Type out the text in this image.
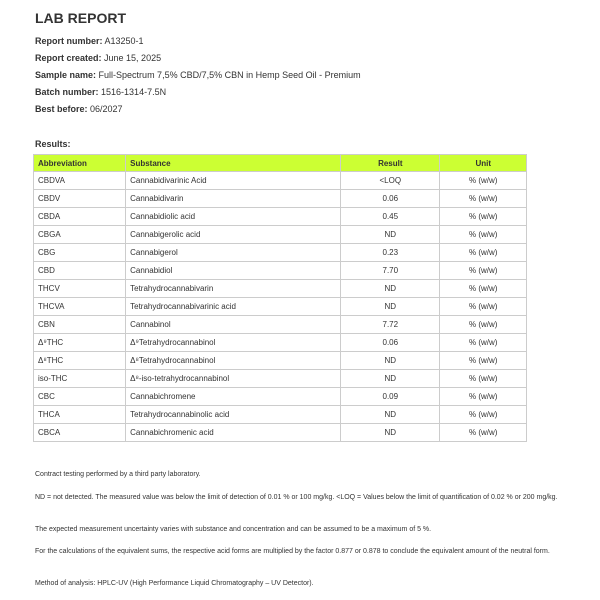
LAB REPORT
Report number: A13250-1
Report created: June 15, 2025
Sample name: Full-Spectrum 7,5% CBD/7,5% CBN in Hemp Seed Oil - Premium
Batch number: 1516-1314-7.5N
Best before: 06/2027
Results:
Abbreviation	Substance	Result	Unit
CBDVA	Cannabidivarinic Acid	<LOQ	% (w/w)
CBDV	Cannabidivarin	0.06	% (w/w)
CBDA	Cannabidiolic acid	0.45	% (w/w)
CBGA	Cannabigerolic acid	ND	% (w/w)
CBG	Cannabigerol	0.23	% (w/w)
CBD	Cannabidiol	7.70	% (w/w)
THCV	Tetrahydrocannabivarin	ND	% (w/w)
THCVA	Tetrahydrocannabivarinic acid	ND	% (w/w)
CBN	Cannabinol	7.72	% (w/w)
Δ⁹THC	Δ⁹Tetrahydrocannabinol	0.06	% (w/w)
Δ⁸THC	Δ⁸Tetrahydrocannabinol	ND	% (w/w)
iso-THC	Δ⁸-iso-tetrahydrocannabinol	ND	% (w/w)
CBC	Cannabichromene	0.09	% (w/w)
THCA	Tetrahydrocannabinolic acid	ND	% (w/w)
CBCA	Cannabichromenic acid	ND	% (w/w)
Contract testing performed by a third party laboratory.
ND = not detected. The measured value was below the limit of detection of 0.01 % or 100 mg/kg. <LOQ = Values below the limit of quantification of 0.02 % or 200 mg/kg.
The expected measurement uncertainty varies with substance and concentration and can be assumed to be a maximum of 5 %.
For the calculations of the equivalent sums, the respective acid forms are multiplied by the factor 0.877 or 0.878 to conclude the equivalent amount of the neutral form.
Method of analysis: HPLC-UV (High Performance Liquid Chromatography – UV Detector).
